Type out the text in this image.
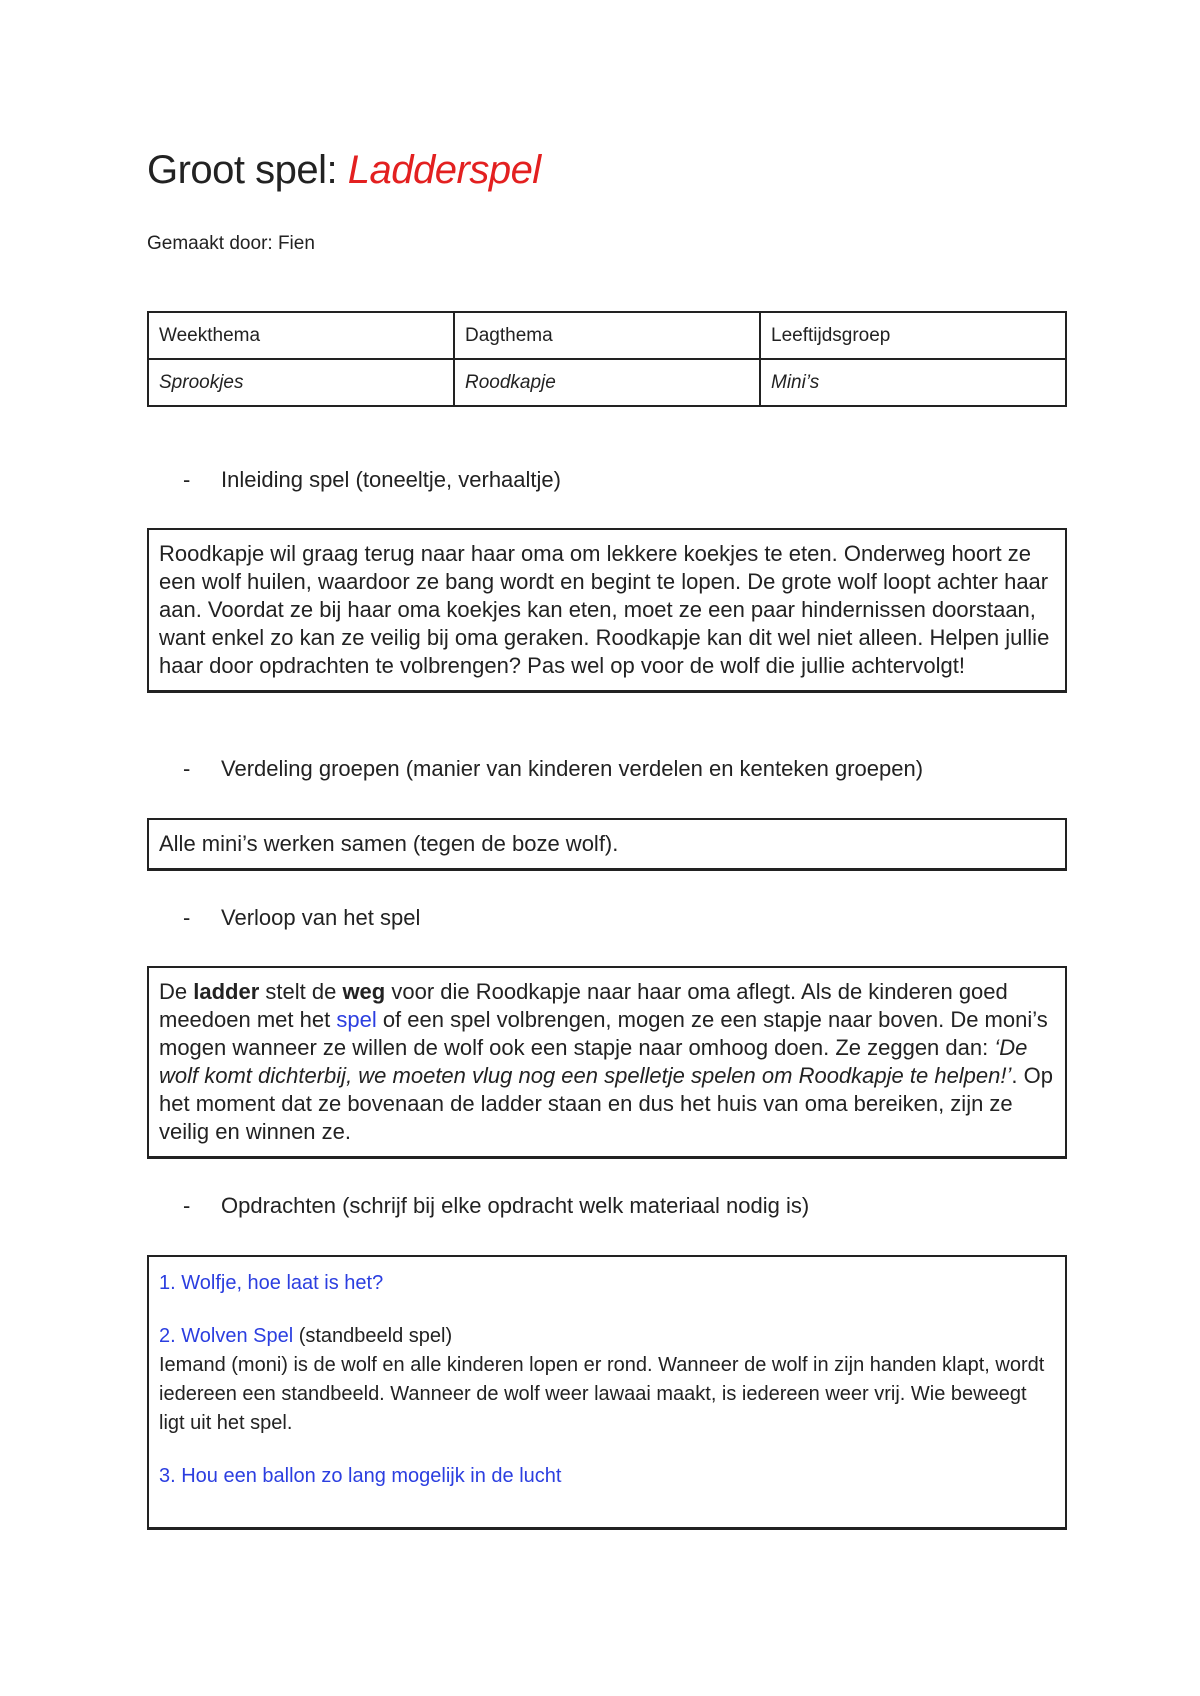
Groot spel: Ladderspel
Gemaakt door: Fien
Weekthema	Dagthema	Leeftijdsgroep
Sprookjes	Roodkapje	Mini’s
- Inleiding spel (toneeltje, verhaaltje)

Roodkapje wil graag terug naar haar oma om lekkere koekjes te eten. Onderweg hoort ze een wolf huilen, waardoor ze bang wordt en begint te lopen. De grote wolf loopt achter haar aan. Voordat ze bij haar oma koekjes kan eten, moet ze een paar hindernissen doorstaan, want enkel zo kan ze veilig bij oma geraken. Roodkapje kan dit wel niet alleen. Helpen jullie haar door opdrachten te volbrengen? Pas wel op voor de wolf die jullie achtervolgt!

- Verdeling groepen (manier van kinderen verdelen en kenteken groepen)

Alle mini’s werken samen (tegen de boze wolf).

- Verloop van het spel

De ladder stelt de weg voor die Roodkapje naar haar oma aflegt. Als de kinderen goed meedoen met het spel of een spel volbrengen, mogen ze een stapje naar boven. De moni’s mogen wanneer ze willen de wolf ook een stapje naar omhoog doen. Ze zeggen dan: ‘De wolf komt dichterbij, we moeten vlug nog een spelletje spelen om Roodkapje te helpen!’. Op het moment dat ze bovenaan de ladder staan en dus het huis van oma bereiken, zijn ze veilig en winnen ze.

- Opdrachten (schrijf bij elke opdracht welk materiaal nodig is)

1. Wolfje, hoe laat is het?

2. Wolven Spel (standbeeld spel)

Iemand (moni) is de wolf en alle kinderen lopen er rond. Wanneer de wolf in zijn handen klapt, wordt iedereen een standbeeld. Wanneer de wolf weer lawaai maakt, is iedereen weer vrij. Wie beweegt ligt uit het spel.

3. Hou een ballon zo lang mogelijk in de lucht
